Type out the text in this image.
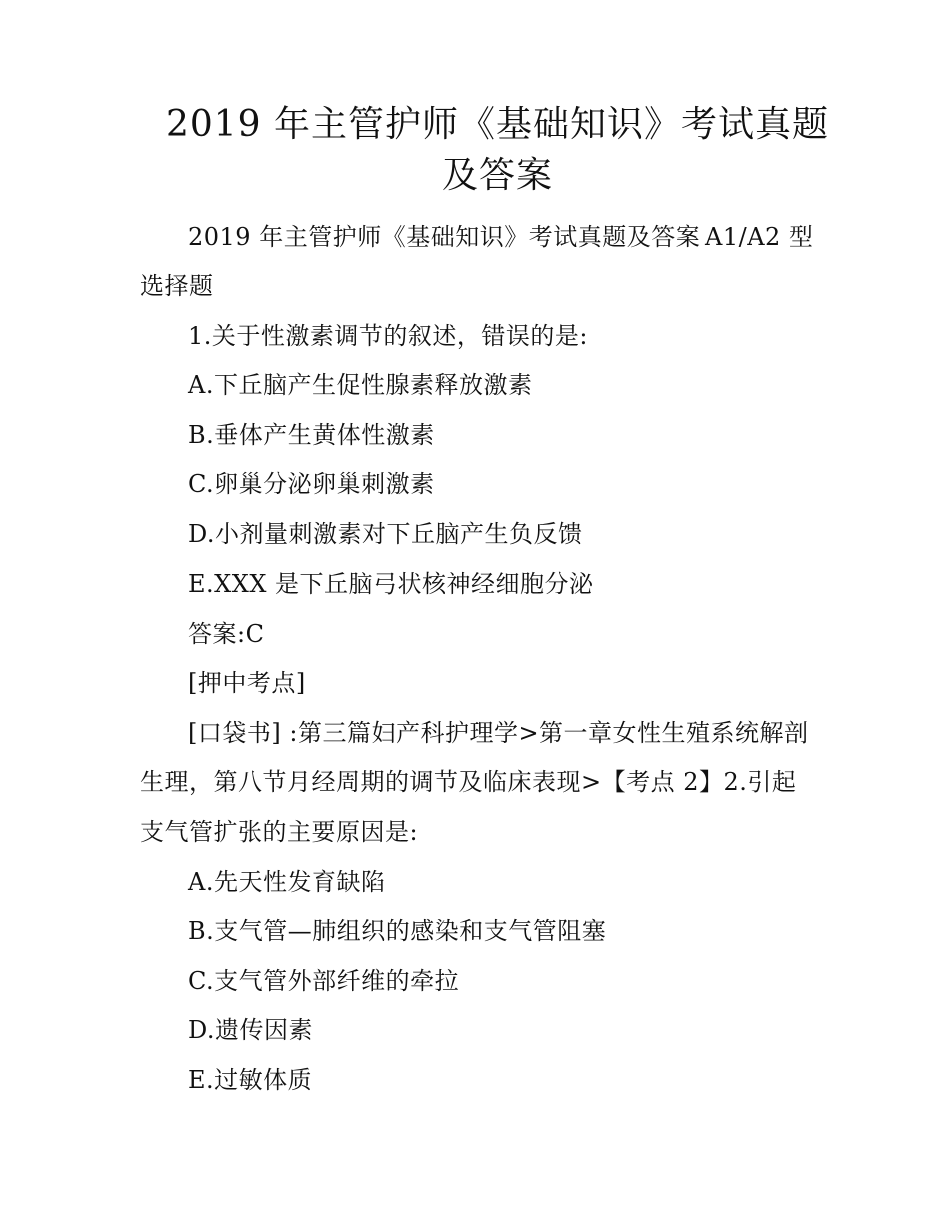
2019 年主管护师《基础知识》考试真题
及答案
2019 年主管护师《基础知识》考试真题及答案 A1/A2 型
选择题
1.关于性激素调节的叙述，错误的是:
A.下丘脑产生促性腺素释放激素
B.垂体产生黄体性激素
C.卵巢分泌卵巢刺激素
D.小剂量刺激素对下丘脑产生负反馈
E.XXX 是下丘脑弓状核神经细胞分泌
答案:C
[押中考点]
[口袋书] :第三篇妇产科护理学>第一章女性生殖系统解剖
生理，第八节月经周期的调节及临床表现>【考点 2】2.引起
支气管扩张的主要原因是:
A.先天性发育缺陷
B.支气管—肺组织的感染和支气管阻塞
C.支气管外部纤维的牵拉
D.遗传因素
E.过敏体质
